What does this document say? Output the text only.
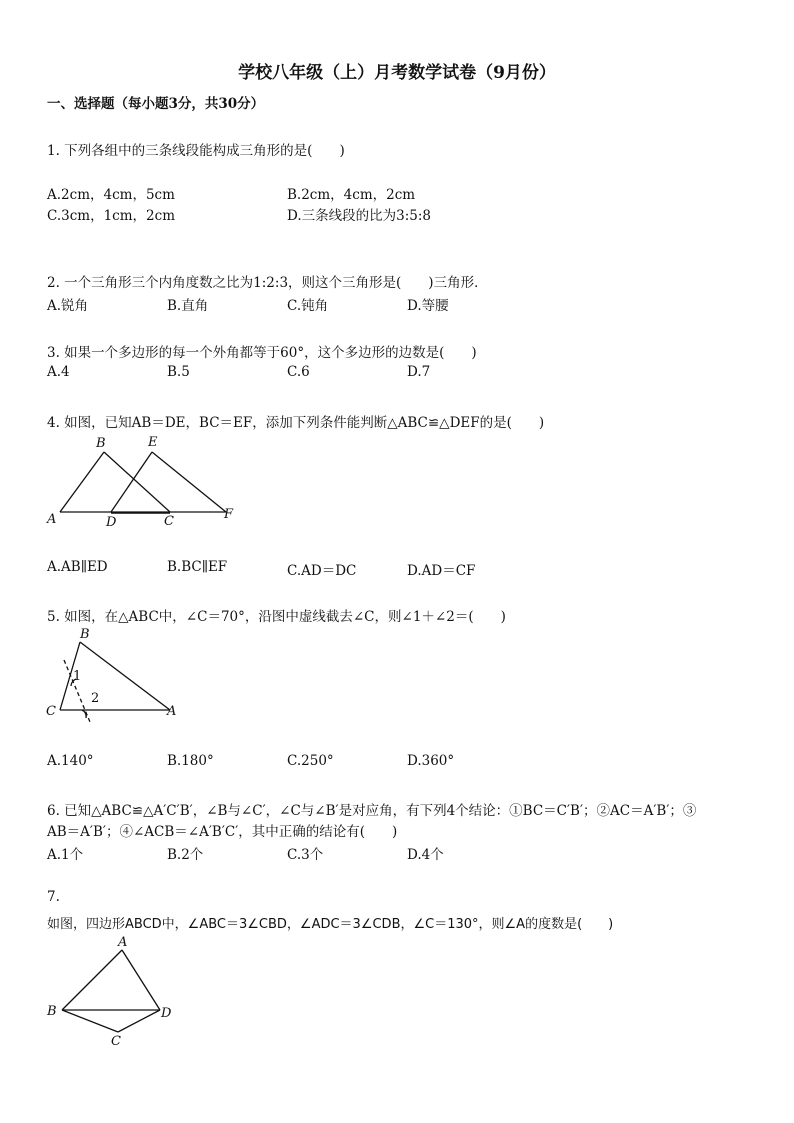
学校八年级（上）月考数学试卷（9月份）
一、选择题（每小题3分，共30分）
1. 下列各组中的三条线段能构成三角形的是(　　)
A.2cm，4cm，5cm	B.2cm，4cm，2cm
C.3cm，1cm，2cm	D.三条线段的比为3:5:8
2. 一个三角形三个内角度数之比为1:2:3，则这个三角形是(　　)三角形．
A.锐角	B.直角	C.钝角	D.等腰
3. 如果一个多边形的每一个外角都等于60°，这个多边形的边数是(　　)
A.4	B.5	C.6	D.7
4. 如图，已知AB＝DE，BC＝EF，添加下列条件能判断△ABC≌△DEF的是(　　)
B	E
A	D	C	F
A.AB∥ED	B.BC∥EF	C.AD＝DC	D.AD＝CF
5. 如图，在△ABC中，∠C＝70°，沿图中虚线截去∠C，则∠1＋∠2＝(　　)
B
1
2
C	A
A.140°	B.180°	C.250°	D.360°
6. 已知△ABC≌△A′C′B′，∠B与∠C′，∠C与∠B′是对应角，有下列4个结论：①BC＝C′B′；②AC＝A′B′；③
AB＝A′B′；④∠ACB＝∠A′B′C′，其中正确的结论有(　　)
A.1个	B.2个	C.3个	D.4个
7.
如图，四边形ABCD中，∠ABC＝3∠CBD，∠ADC＝3∠CDB，∠C＝130°，则∠A的度数是(　　)
A
B	D
C
